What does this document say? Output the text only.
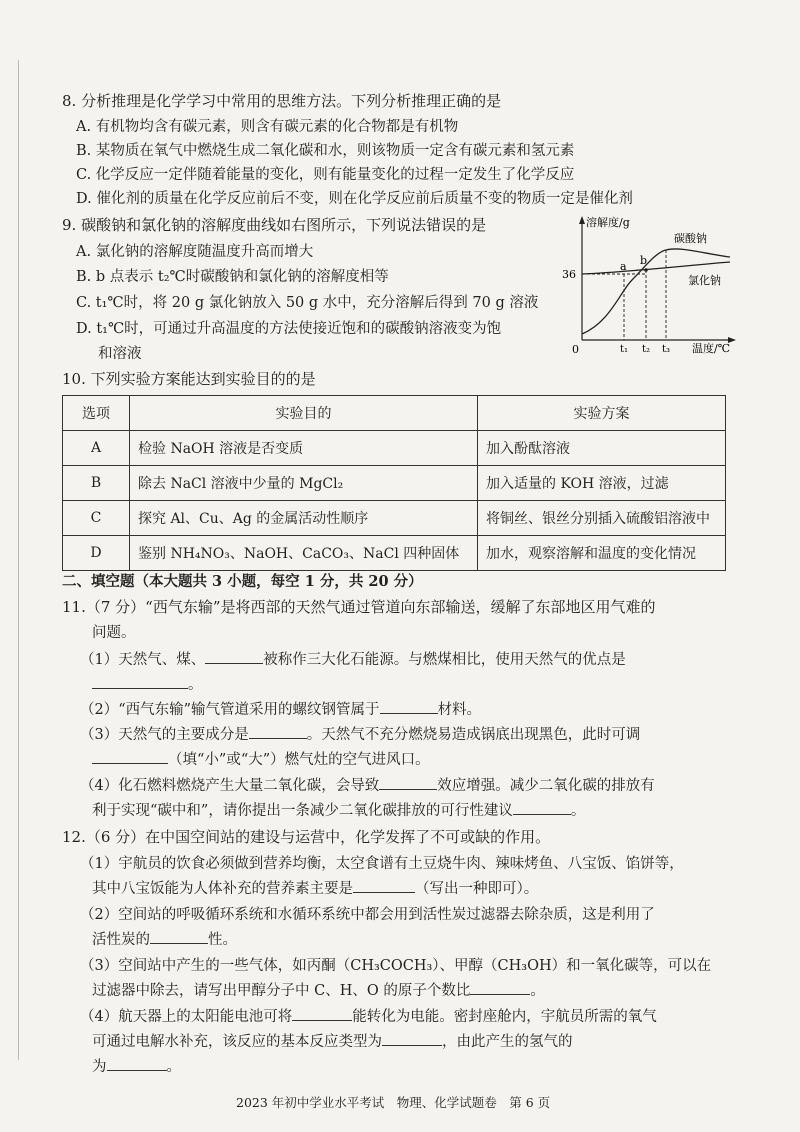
8. 分析推理是化学学习中常用的思维方法。下列分析推理正确的是
A. 有机物均含有碳元素，则含有碳元素的化合物都是有机物
B. 某物质在氧气中燃烧生成二氧化碳和水，则该物质一定含有碳元素和氢元素
C. 化学反应一定伴随着能量的变化，则有能量变化的过程一定发生了化学反应
D. 催化剂的质量在化学反应前后不变，则在化学反应前后质量不变的物质一定是催化剂
9. 碳酸钠和氯化钠的溶解度曲线如右图所示，下列说法错误的是
A. 氯化钠的溶解度随温度升高而增大
B. b 点表示 t₂℃时碳酸钠和氯化钠的溶解度相等
C. t₁℃时，将 20 g 氯化钠放入 50 g 水中，充分溶解后得到 70 g 溶液
D. t₁℃时，可通过升高温度的方法使接近饱和的碳酸钠溶液变为饱
和溶液
溶解度/g
温度/℃
0
36
a b
t₁ t₂ t₃
碳酸钠
氯化钠
10. 下列实验方案能达到实验目的的是
选项	实验目的	实验方案
A	检验 NaOH 溶液是否变质	加入酚酞溶液
B	除去 NaCl 溶液中少量的 MgCl₂	加入适量的 KOH 溶液，过滤
C	探究 Al、Cu、Ag 的金属活动性顺序	将铜丝、银丝分别插入硫酸铝溶液中
D	鉴别 NH₄NO₃、NaOH、CaCO₃、NaCl 四种固体	加水，观察溶解和温度的变化情况
二、填空题（本大题共 3 小题，每空 1 分，共 20 分）
11.（7 分）“西气东输”是将西部的天然气通过管道向东部输送，缓解了东部地区用气难的
问题。
（1）天然气、煤、	被称作三大化石能源。与燃煤相比，使用天然气的优点是
。
（2）“西气东输”输气管道采用的螺纹钢管属于	材料。
（3）天然气的主要成分是	。天然气不充分燃烧易造成锅底出现黑色，此时可调
（填“小”或“大”）燃气灶的空气进风口。
（4）化石燃料燃烧产生大量二氧化碳，会导致	效应增强。减少二氧化碳的排放有
利于实现“碳中和”，请你提出一条减少二氧化碳排放的可行性建议	。
12.（6 分）在中国空间站的建设与运营中，化学发挥了不可或缺的作用。
（1）宇航员的饮食必须做到营养均衡，太空食谱有土豆烧牛肉、辣味烤鱼、八宝饭、馅饼等，
其中八宝饭能为人体补充的营养素主要是	（写出一种即可）。
（2）空间站的呼吸循环系统和水循环系统中都会用到活性炭过滤器去除杂质，这是利用了
活性炭的	性。
（3）空间站中产生的一些气体，如丙酮（CH₃COCH₃）、甲醇（CH₃OH）和一氧化碳等，可以在
过滤器中除去，请写出甲醇分子中 C、H、O 的原子个数比	。
（4）航天器上的太阳能电池可将	能转化为电能。密封座舱内，宇航员所需的氧气
可通过电解水补充，该反应的基本反应类型为	，由此产生的氢气的
为	。
2023 年初中学业水平考试　物理、化学试题卷　第 6 页
